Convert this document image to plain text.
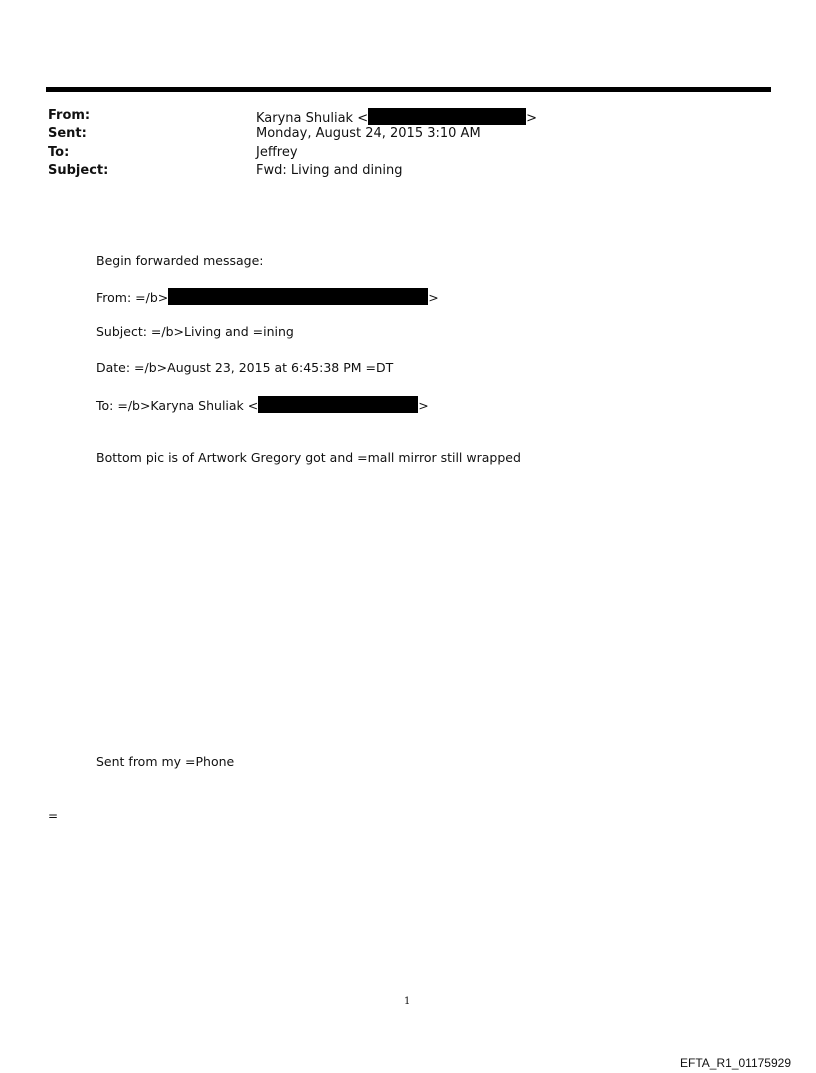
From:	Karyna Shuliak <	>
Sent:	Monday, August 24, 2015 3:10 AM
To:	Jeffrey
Subject:	Fwd: Living and dining
Begin forwarded message:
From: =/b>	>
Subject: =/b>Living and =ining
Date: =/b>August 23, 2015 at 6:45:38 PM =DT
To: =/b>Karyna Shuliak <	>
Bottom pic is of Artwork Gregory got and =mall mirror still wrapped
Sent from my =Phone
=
1
EFTA_R1_01175929
